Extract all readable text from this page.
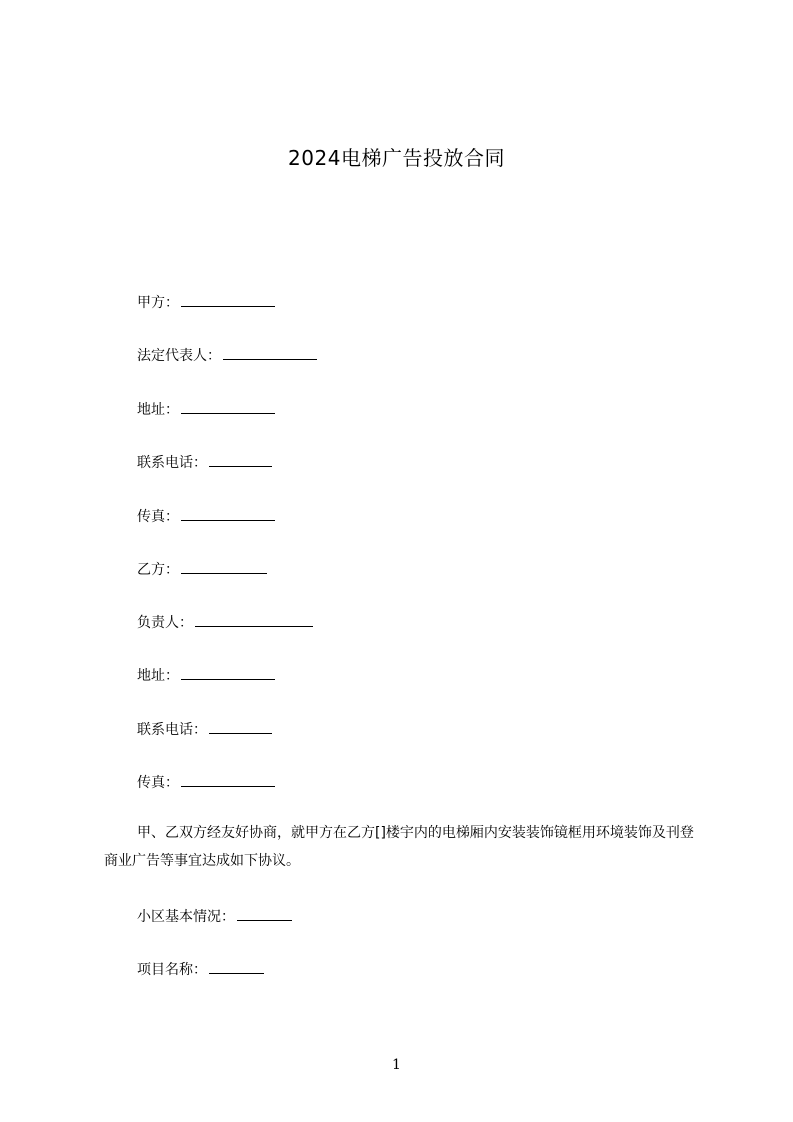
2024电梯广告投放合同
甲方：
法定代表人：
地址：
联系电话：
传真：
乙方：
负责人：
地址：
联系电话：
传真：
甲、乙双方经友好协商，就甲方在乙方[]楼宇内的电梯厢内安装装饰镜框用环境装饰及刊登商业广告等事宜达成如下协议。
小区基本情况：
项目名称：
1
